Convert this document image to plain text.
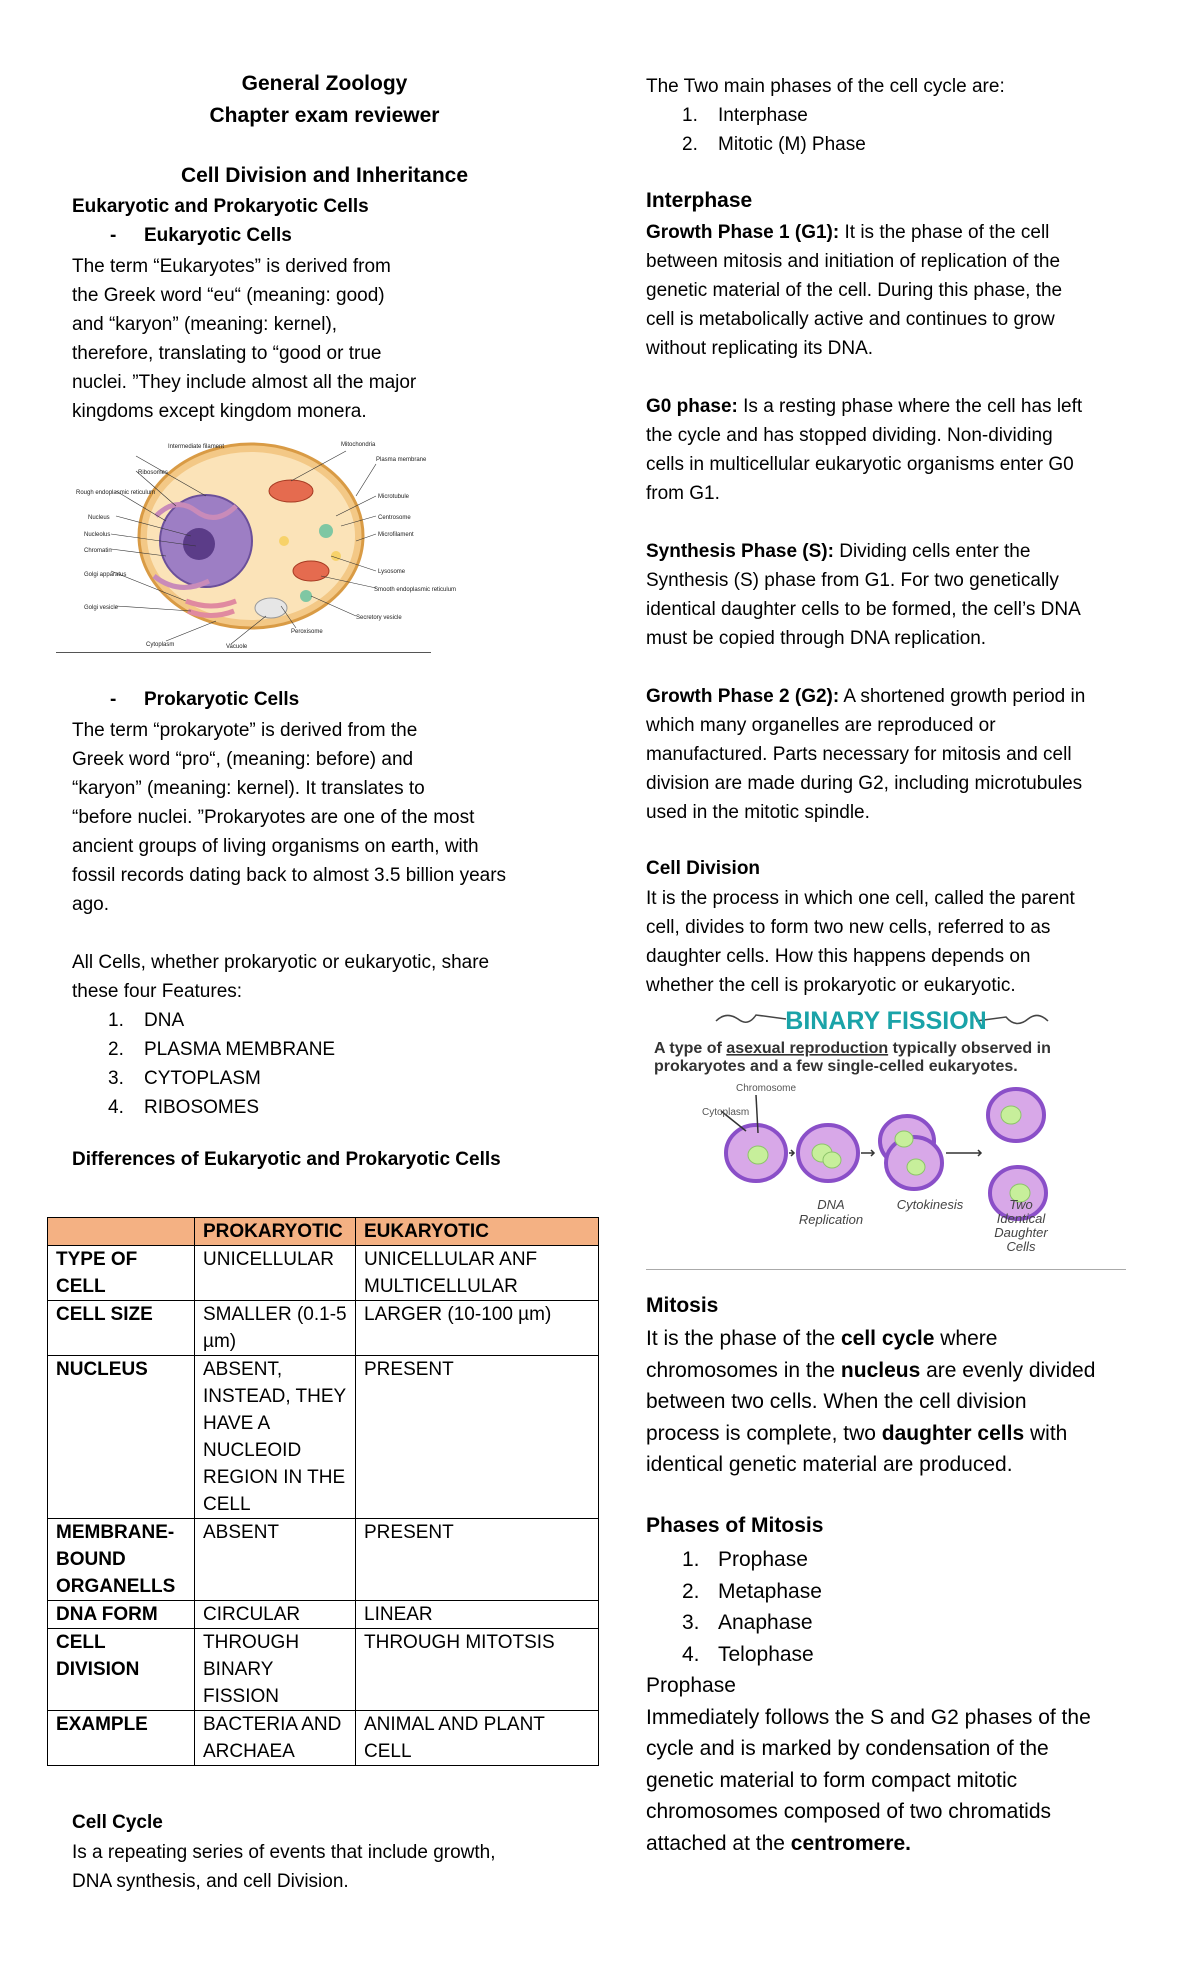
General Zoology
Chapter exam reviewer
Cell Division and Inheritance
Eukaryotic and Prokaryotic Cells
- Eukaryotic Cells

The term “Eukaryotes” is derived from

the Greek word “eu“ (meaning: good)

and “karyon” (meaning: kernel),

therefore, translating to “good or true

nuclei. ”They include almost all the major

kingdoms except kingdom monera.

Intermediate filament
Ribosomes
Rough endoplasmic reticulum
Nucleus
Nucleolus
Chromatin
Golgi apparatus
Golgi vesicle
Cytoplasm	Vacuole
Mitochondria
Plasma membrane
Microtubule
Centrosome
Microfilament
Lysosome
Smooth endoplasmic reticulum
Secretory vesicle
Peroxisome
- Prokaryotic Cells

The term “prokaryote” is derived from the

Greek word “pro“, (meaning: before) and

“karyon” (meaning: kernel). It translates to

“before nuclei. ”Prokaryotes are one of the most

ancient groups of living organisms on earth, with

fossil records dating back to almost 3.5 billion years

ago.

All Cells, whether prokaryotic or eukaryotic, share

these four Features:

1. DNA
2. PLASMA MEMBRANE
3. CYTOPLASM
4. RIBOSOMES
Differences of Eukaryotic and Prokaryotic Cells
	PROKARYOTIC	EUKARYOTIC
TYPE OF CELL	UNICELLULAR	UNICELLULAR ANF MULTICELLULAR
CELL SIZE	SMALLER (0.1-5 µm)	LARGER (10-100 µm)
NUCLEUS	ABSENT, INSTEAD, THEY HAVE A NUCLEOID REGION IN THE CELL	PRESENT
MEMBRANE-BOUND ORGANELLS	ABSENT	PRESENT
DNA FORM	CIRCULAR	LINEAR
CELL DIVISION	THROUGH BINARY FISSION	THROUGH MITOTSIS
EXAMPLE	BACTERIA AND ARCHAEA	ANIMAL AND PLANT CELL
Cell Cycle

Is a repeating series of events that include growth,

DNA synthesis, and cell Division.

The Two main phases of the cell cycle are:

1. Interphase
2. Mitotic (M) Phase
Interphase

Growth Phase 1 (G1): It is the phase of the cell

between mitosis and initiation of replication of the

genetic material of the cell. During this phase, the

cell is metabolically active and continues to grow

without replicating its DNA.

G0 phase: Is a resting phase where the cell has left

the cycle and has stopped dividing. Non-dividing

cells in multicellular eukaryotic organisms enter G0

from G1.

Synthesis Phase (S): Dividing cells enter the

Synthesis (S) phase from G1. For two genetically

identical daughter cells to be formed, the cell’s DNA

must be copied through DNA replication.

Growth Phase 2 (G2): A shortened growth period in

which many organelles are reproduced or

manufactured. Parts necessary for mitosis and cell

division are made during G2, including microtubules

used in the mitotic spindle.

Cell Division

It is the process in which one cell, called the parent

cell, divides to form two new cells, referred to as

daughter cells. How this happens depends on

whether the cell is prokaryotic or eukaryotic.

BINARY FISSION
A type of asexual reproduction typically observed in
prokaryotes and a few single-celled eukaryotes.
Chromosome
Cytoplasm
DNA
Replication
Cytokinesis	Two
Identical
Daughter
Cells
Mitosis

It is the phase of the cell cycle where

chromosomes in the nucleus are evenly divided

between two cells. When the cell division

process is complete, two daughter cells with

identical genetic material are produced.

Phases of Mitosis
1. Prophase
2. Metaphase
3. Anaphase
4. Telophase

Prophase

Immediately follows the S and G2 phases of the

cycle and is marked by condensation of the

genetic material to form compact mitotic

chromosomes composed of two chromatids

attached at the centromere.
